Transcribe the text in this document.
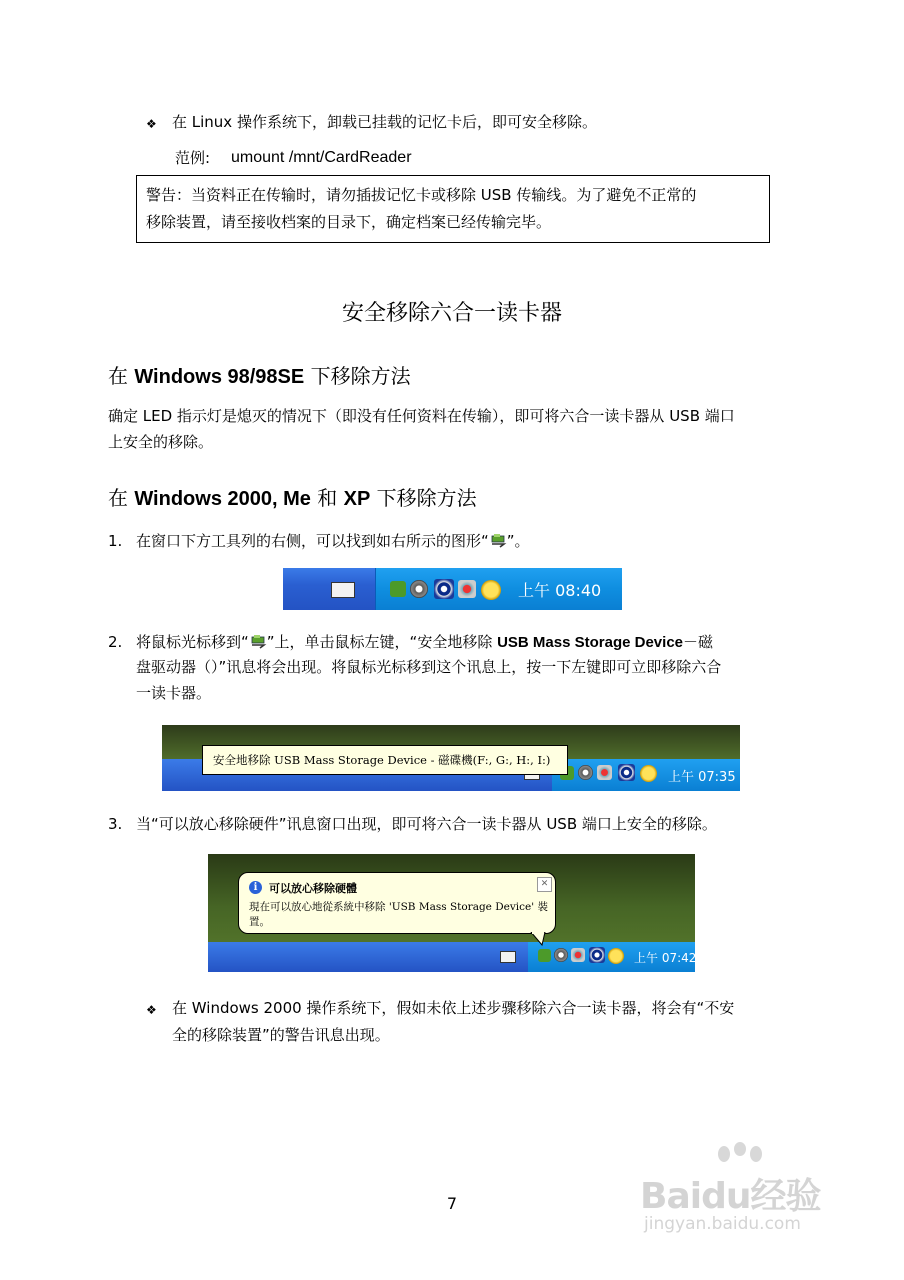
❖ 在 Linux 操作系统下，卸载已挂载的记忆卡后，即可安全移除。
范例: umount /mnt/CardReader
警告：当资料正在传输时，请勿插拔记忆卡或移除 USB 传输线。为了避免不正常的
移除装置，请至接收档案的目录下，确定档案已经传输完毕。
安全移除六合一读卡器
在 Windows 98/98SE 下移除方法
确定 LED 指示灯是熄灭的情况下（即没有任何资料在传输），即可将六合一读卡器从 USB 端口
上安全的移除。
在 Windows 2000, Me 和 XP 下移除方法
1. 在窗口下方工具列的右侧，可以找到如右所示的图形“ ”。
上午 08:40
2. 将鼠标光标移到“ ”上，单击鼠标左键，“安全地移除 USB Mass Storage Device－磁
盘驱动器（）”讯息将会出现。将鼠标光标移到这个讯息上，按一下左键即可立即移除六合
一读卡器。
上午 07:35
安全地移除 USB Mass Storage Device - 磁碟機(F:, G:, H:, I:)
3. 当“可以放心移除硬件”讯息窗口出现，即可将六合一读卡器从 USB 端口上安全的移除。
上午 07:42
i	可以放心移除硬體	✕
現在可以放心地從系統中移除 'USB Mass Storage Device' 裝
置。
❖ 在 Windows 2000 操作系统下，假如未依上述步骤移除六合一读卡器，将会有“不安
全的移除装置”的警告讯息出现。
7	Baidu经验
jingyan.baidu.com
